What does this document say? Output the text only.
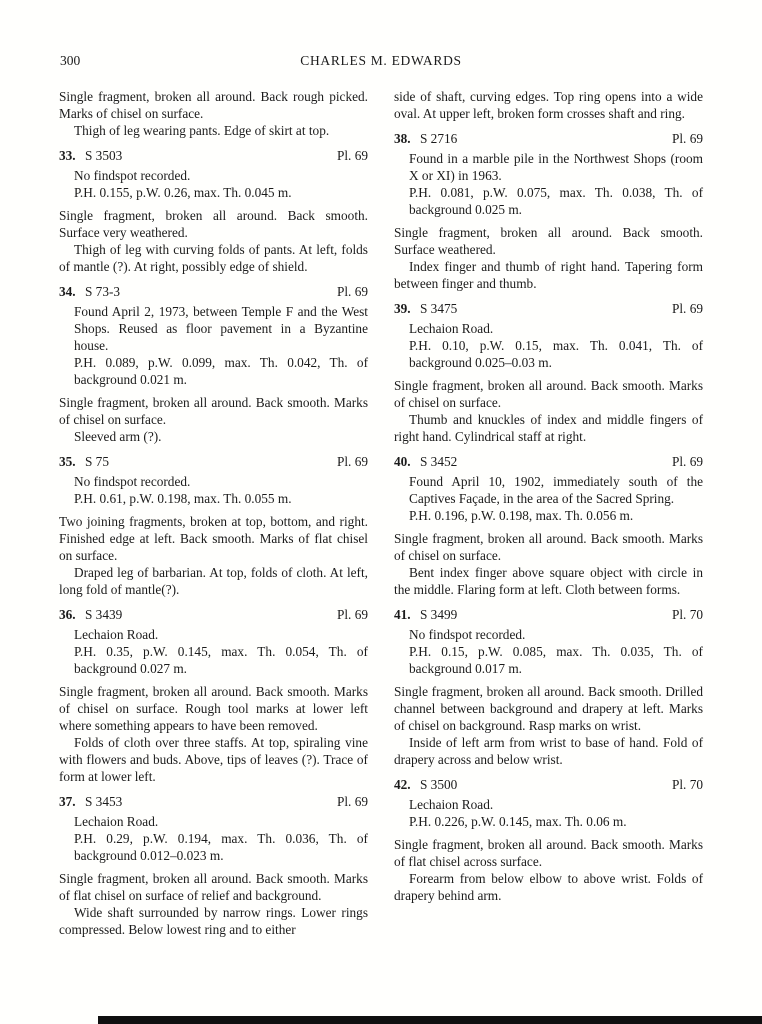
300	CHARLES M. EDWARDS

Single fragment, broken all around. Back rough picked. Marks of chisel on surface.

Thigh of leg wearing pants. Edge of skirt at top.

33. S 3503	Pl. 69

No findspot recorded.

P.H. 0.155, p.W. 0.26, max. Th. 0.045 m.

Single fragment, broken all around. Back smooth. Surface very weathered.

Thigh of leg with curving folds of pants. At left, folds of mantle (?). At right, possibly edge of shield.

34. S 73-3	Pl. 69

Found April 2, 1973, between Temple F and the West Shops. Reused as floor pavement in a Byzantine house.

P.H. 0.089, p.W. 0.099, max. Th. 0.042, Th. of background 0.021 m.

Single fragment, broken all around. Back smooth. Marks of chisel on surface.

Sleeved arm (?).

35. S 75	Pl. 69

No findspot recorded.

P.H. 0.61, p.W. 0.198, max. Th. 0.055 m.

Two joining fragments, broken at top, bottom, and right. Finished edge at left. Back smooth. Marks of flat chisel on surface.

Draped leg of barbarian. At top, folds of cloth. At left, long fold of mantle(?).

36. S 3439	Pl. 69

Lechaion Road.

P.H. 0.35, p.W. 0.145, max. Th. 0.054, Th. of background 0.027 m.

Single fragment, broken all around. Back smooth. Marks of chisel on surface. Rough tool marks at lower left where something appears to have been removed.

Folds of cloth over three staffs. At top, spiraling vine with flowers and buds. Above, tips of leaves (?). Trace of form at lower left.

37. S 3453	Pl. 69

Lechaion Road.

P.H. 0.29, p.W. 0.194, max. Th. 0.036, Th. of background 0.012–0.023 m.

Single fragment, broken all around. Back smooth. Marks of flat chisel on surface of relief and background.

Wide shaft surrounded by narrow rings. Lower rings compressed. Below lowest ring and to either

side of shaft, curving edges. Top ring opens into a wide oval. At upper left, broken form crosses shaft and ring.

38. S 2716	Pl. 69

Found in a marble pile in the Northwest Shops (room X or XI) in 1963.

P.H. 0.081, p.W. 0.075, max. Th. 0.038, Th. of background 0.025 m.

Single fragment, broken all around. Back smooth. Surface weathered.

Index finger and thumb of right hand. Tapering form between finger and thumb.

39. S 3475	Pl. 69

Lechaion Road.

P.H. 0.10, p.W. 0.15, max. Th. 0.041, Th. of background 0.025–0.03 m.

Single fragment, broken all around. Back smooth. Marks of chisel on surface.

Thumb and knuckles of index and middle fingers of right hand. Cylindrical staff at right.

40. S 3452	Pl. 69

Found April 10, 1902, immediately south of the Captives Façade, in the area of the Sacred Spring.

P.H. 0.196, p.W. 0.198, max. Th. 0.056 m.

Single fragment, broken all around. Back smooth. Marks of chisel on surface.

Bent index finger above square object with circle in the middle. Flaring form at left. Cloth between forms.

41. S 3499	Pl. 70

No findspot recorded.

P.H. 0.15, p.W. 0.085, max. Th. 0.035, Th. of background 0.017 m.

Single fragment, broken all around. Back smooth. Drilled channel between background and drapery at left. Marks of chisel on background. Rasp marks on wrist.

Inside of left arm from wrist to base of hand. Fold of drapery across and below wrist.

42. S 3500	Pl. 70

Lechaion Road.

P.H. 0.226, p.W. 0.145, max. Th. 0.06 m.

Single fragment, broken all around. Back smooth. Marks of flat chisel across surface.

Forearm from below elbow to above wrist. Folds of drapery behind arm.
